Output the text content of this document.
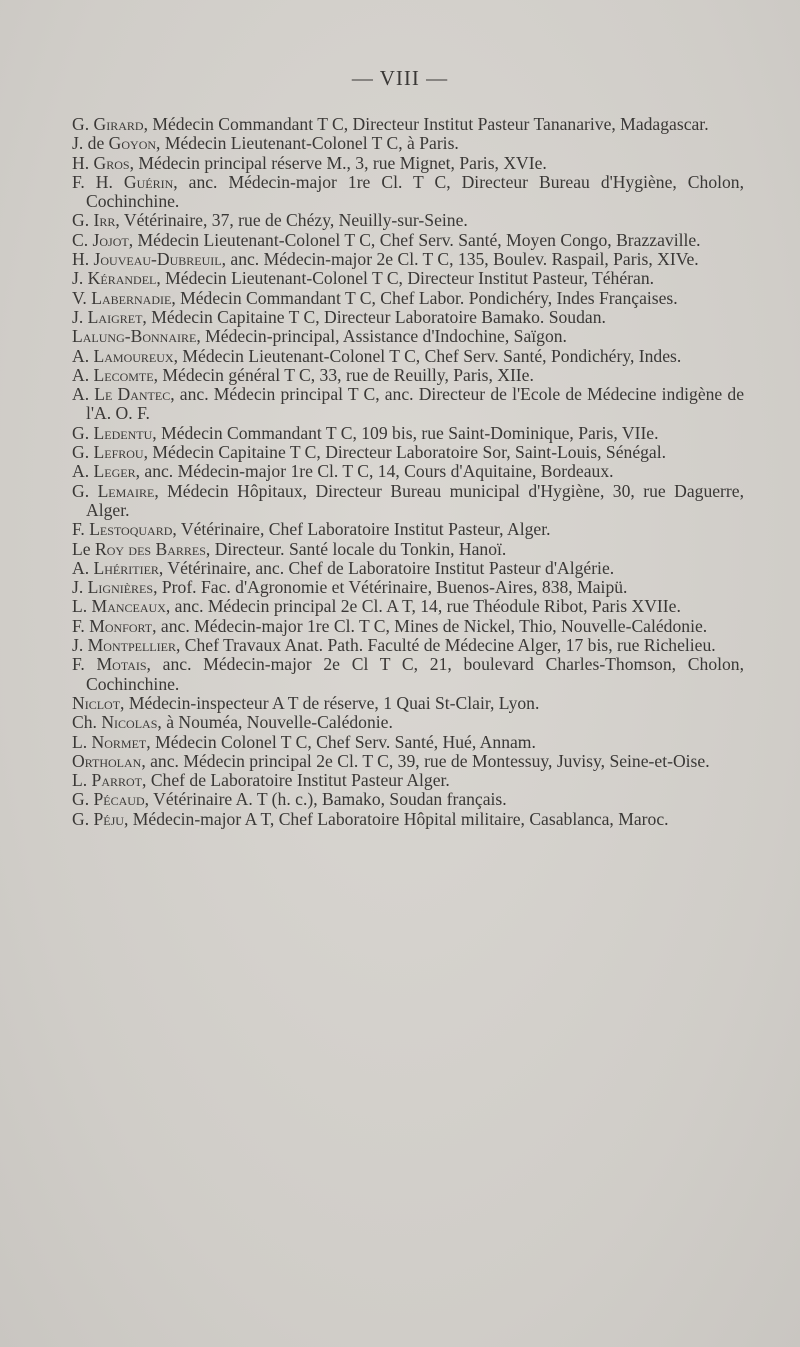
— VIII —
G. Girard, Médecin Commandant T C, Directeur Institut Pasteur Tananarive, Madagascar.
J. de Goyon, Médecin Lieutenant-Colonel T C, à Paris.
H. Gros, Médecin principal réserve M., 3, rue Mignet, Paris, XVIe.
F. H. Guérin, anc. Médecin-major 1re Cl. T C, Directeur Bureau d'Hygiène, Cholon, Cochinchine.
G. Irr, Vétérinaire, 37, rue de Chézy, Neuilly-sur-Seine.
C. Jojot, Médecin Lieutenant-Colonel T C, Chef Serv. Santé, Moyen Congo, Brazzaville.
H. Jouveau-Dubreuil, anc. Médecin-major 2e Cl. T C, 135, Boulev. Raspail, Paris, XIVe.
J. Kérandel, Médecin Lieutenant-Colonel T C, Directeur Institut Pasteur, Téhéran.
V. Labernadie, Médecin Commandant T C, Chef Labor. Pondichéry, Indes Françaises.
J. Laigret, Médecin Capitaine T C, Directeur Laboratoire Bamako. Soudan.
Lalung-Bonnaire, Médecin-principal, Assistance d'Indochine, Saïgon.
A. Lamoureux, Médecin Lieutenant-Colonel T C, Chef Serv. Santé, Pondichéry, Indes.
A. Lecomte, Médecin général T C, 33, rue de Reuilly, Paris, XIIe.
A. Le Dantec, anc. Médecin principal T C, anc. Directeur de l'Ecole de Médecine indigène de l'A. O. F.
G. Ledentu, Médecin Commandant T C, 109 bis, rue Saint-Dominique, Paris, VIIe.
G. Lefrou, Médecin Capitaine T C, Directeur Laboratoire Sor, Saint-Louis, Sénégal.
A. Leger, anc. Médecin-major 1re Cl. T C, 14, Cours d'Aquitaine, Bordeaux.
G. Lemaire, Médecin Hôpitaux, Directeur Bureau municipal d'Hygiène, 30, rue Daguerre, Alger.
F. Lestoquard, Vétérinaire, Chef Laboratoire Institut Pasteur, Alger.
Le Roy des Barres, Directeur. Santé locale du Tonkin, Hanoï.
A. Lhéritier, Vétérinaire, anc. Chef de Laboratoire Institut Pasteur d'Algérie.
J. Lignières, Prof. Fac. d'Agronomie et Vétérinaire, Buenos-Aires, 838, Maipü.
L. Manceaux, anc. Médecin principal 2e Cl. A T, 14, rue Théodule Ribot, Paris XVIIe.
F. Monfort, anc. Médecin-major 1re Cl. T C, Mines de Nickel, Thio, Nouvelle-Calédonie.
J. Montpellier, Chef Travaux Anat. Path. Faculté de Médecine Alger, 17 bis, rue Richelieu.
F. Motais, anc. Médecin-major 2e Cl T C, 21, boulevard Charles-Thomson, Cholon, Cochinchine.
Niclot, Médecin-inspecteur A T de réserve, 1 Quai St-Clair, Lyon.
Ch. Nicolas, à Nouméa, Nouvelle-Calédonie.
L. Normet, Médecin Colonel T C, Chef Serv. Santé, Hué, Annam.
Ortholan, anc. Médecin principal 2e Cl. T C, 39, rue de Montessuy, Juvisy, Seine-et-Oise.
L. Parrot, Chef de Laboratoire Institut Pasteur Alger.
G. Pécaud, Vétérinaire A. T (h. c.), Bamako, Soudan français.
G. Péju, Médecin-major A T, Chef Laboratoire Hôpital militaire, Casablanca, Maroc.
